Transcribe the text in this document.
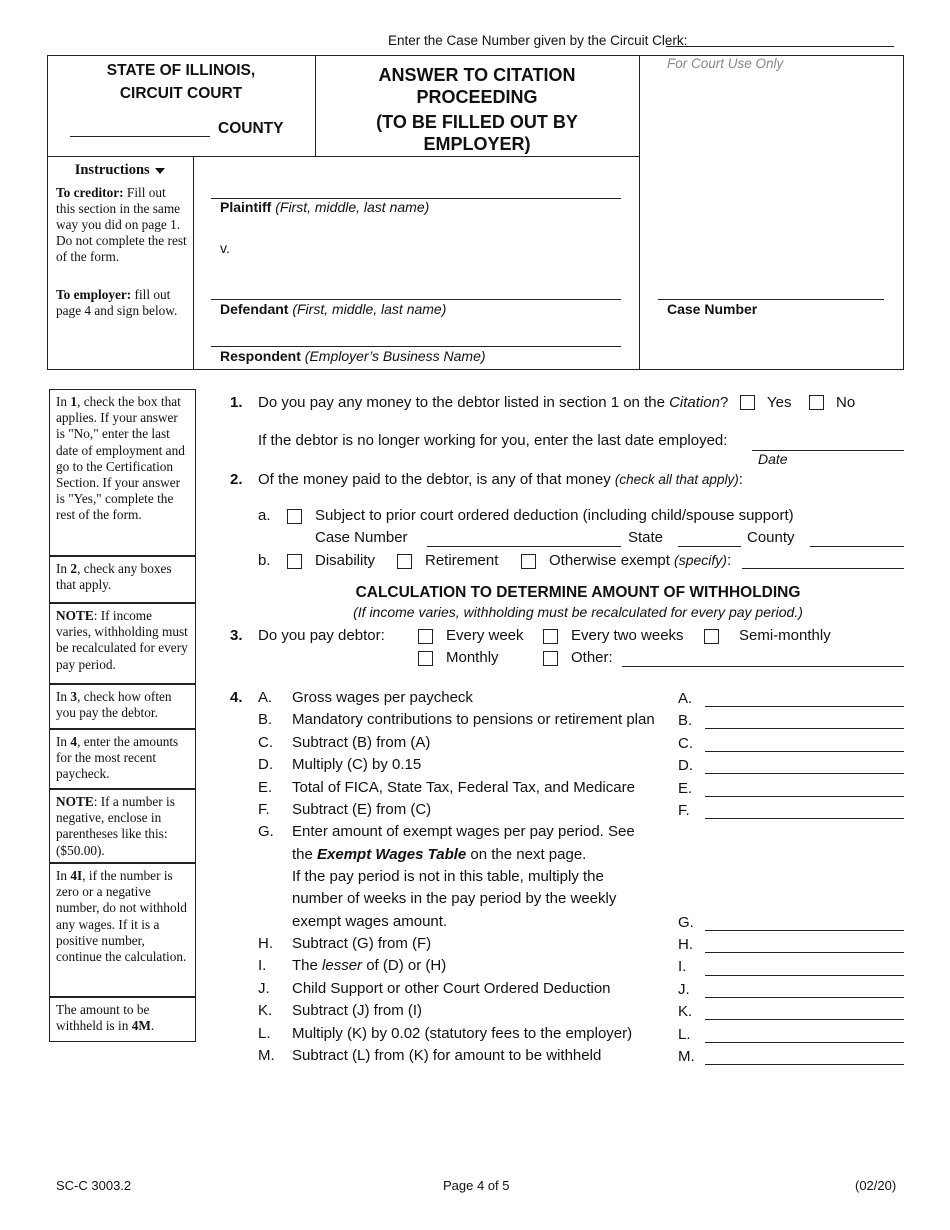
Enter the Case Number given by the Circuit Clerk:
STATE OF ILLINOIS,
CIRCUIT COURT
COUNTY
ANSWER TO CITATION
PROCEEDING
(TO BE FILLED OUT BY
EMPLOYER)
For Court Use Only
Instructions
To creditor: Fill out this section in the same way you did on page 1. Do not complete the rest of the form.
To employer: fill out page 4 and sign below.
Plaintiff (First, middle, last name)
v.
Defendant (First, middle, last name)
Respondent (Employer’s Business Name)
Case Number
In 1, check the box that applies. If your answer is "No," enter the last date of employment and go to the Certification Section. If your answer is "Yes," complete the rest of the form.
In 2, check any boxes that apply.
NOTE: If income varies, withholding must be recalculated for every pay period.
In 3, check how often you pay the debtor.
In 4, enter the amounts for the most recent paycheck.
NOTE: If a number is negative, enclose in parentheses like this: ($50.00).
In 4I, if the number is zero or a negative number, do not withhold any wages. If it is a positive number, continue the calculation.
The amount to be withheld is in 4M.
1. Do you pay any money to the debtor listed in section 1 on the Citation?	Yes	No
If the debtor is no longer working for you, enter the last date employed:
Date
2. Of the money paid to the debtor, is any of that money (check all that apply):
a.	Subject to prior court ordered deduction (including child/spouse support)
Case Number	State	County
b.	Disability	Retirement	Otherwise exempt (specify):
CALCULATION TO DETERMINE AMOUNT OF WITHHOLDING
(If income varies, withholding must be recalculated for every pay period.)
3. Do you pay debtor:	Every week	Every two weeks	Semi-monthly
Monthly	Other:
4. A. Gross wages per paycheck	A.
B. Mandatory contributions to pensions or retirement plan B.
C. Subtract (B) from (A)	C.
D. Multiply (C) by 0.15	D.
E. Total of FICA, State Tax, Federal Tax, and Medicare	E.
F. Subtract (E) from (C)	F.
G. Enter amount of exempt wages per pay period. See
the Exempt Wages Table on the next page.
If the pay period is not in this table, multiply the
number of weeks in the pay period by the weekly
exempt wages amount.	G.
H. Subtract (G) from (F)	H.
I. The lesser of (D) or (H)	I.
J. Child Support or other Court Ordered Deduction	J.
K. Subtract (J) from (I)	K.
L. Multiply (K) by 0.02 (statutory fees to the employer)	L.
M. Subtract (L) from (K) for amount to be withheld	M.
SC-C 3003.2	Page 4 of 5	(02/20)
